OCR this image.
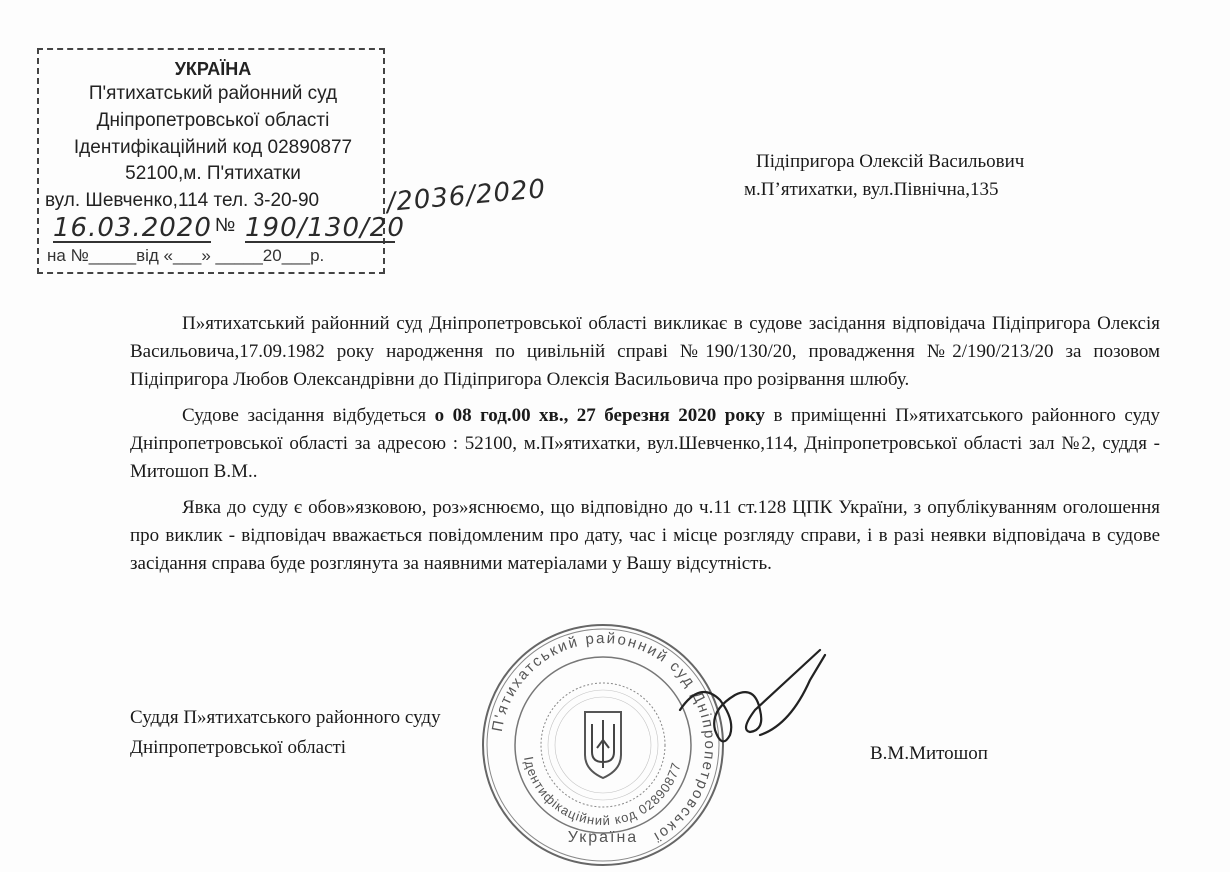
УКРАЇНА
П'ятихатський районний суд
Дніпропетровської області
Ідентифікаційний код 02890877
52100,м. П'ятихатки
вул. Шевченко,114 тел. 3-20-90
16.03.2020 № 190/130/20
на №_____від «___» _____20___р.
/2036/2020
Підіпригора Олексій Васильович
м.П’ятихатки, вул.Північна,135

П»ятихатський районний суд Дніпропетровської області викликає в судове засідання відповідача Підіпригора Олексія Васильовича,17.09.1982 року народження по цивільній справі №190/130/20, провадження №2/190/213/20 за позовом Підіпригора Любов Олександрівни до Підіпригора Олексія Васильовича про розірвання шлюбу.

Судове засідання відбудеться о 08 год.00 хв., 27 березня 2020 року в приміщенні П»ятихатського районного суду Дніпропетровської області за адресою : 52100, м.П»ятихатки, вул.Шевченко,114, Дніпропетровської області зал №2, суддя - Митошоп В.М..

Явка до суду є обов»язковою, роз»яснюємо, що відповідно до ч.11 ст.128 ЦПК України, з опублікуванням оголошення про виклик - відповідач вважається повідомленим про дату, час і місце розгляду справи, і в разі неявки відповідача в судове засідання справа буде розглянута за наявними матеріалами у Вашу відсутність.

П'ятихатський районний суд Дніпропетровської
Ідентифікаційний код 02890877
Україна
Суддя П»ятихатського районного суду
Дніпропетровської області	В.М.Митошоп
